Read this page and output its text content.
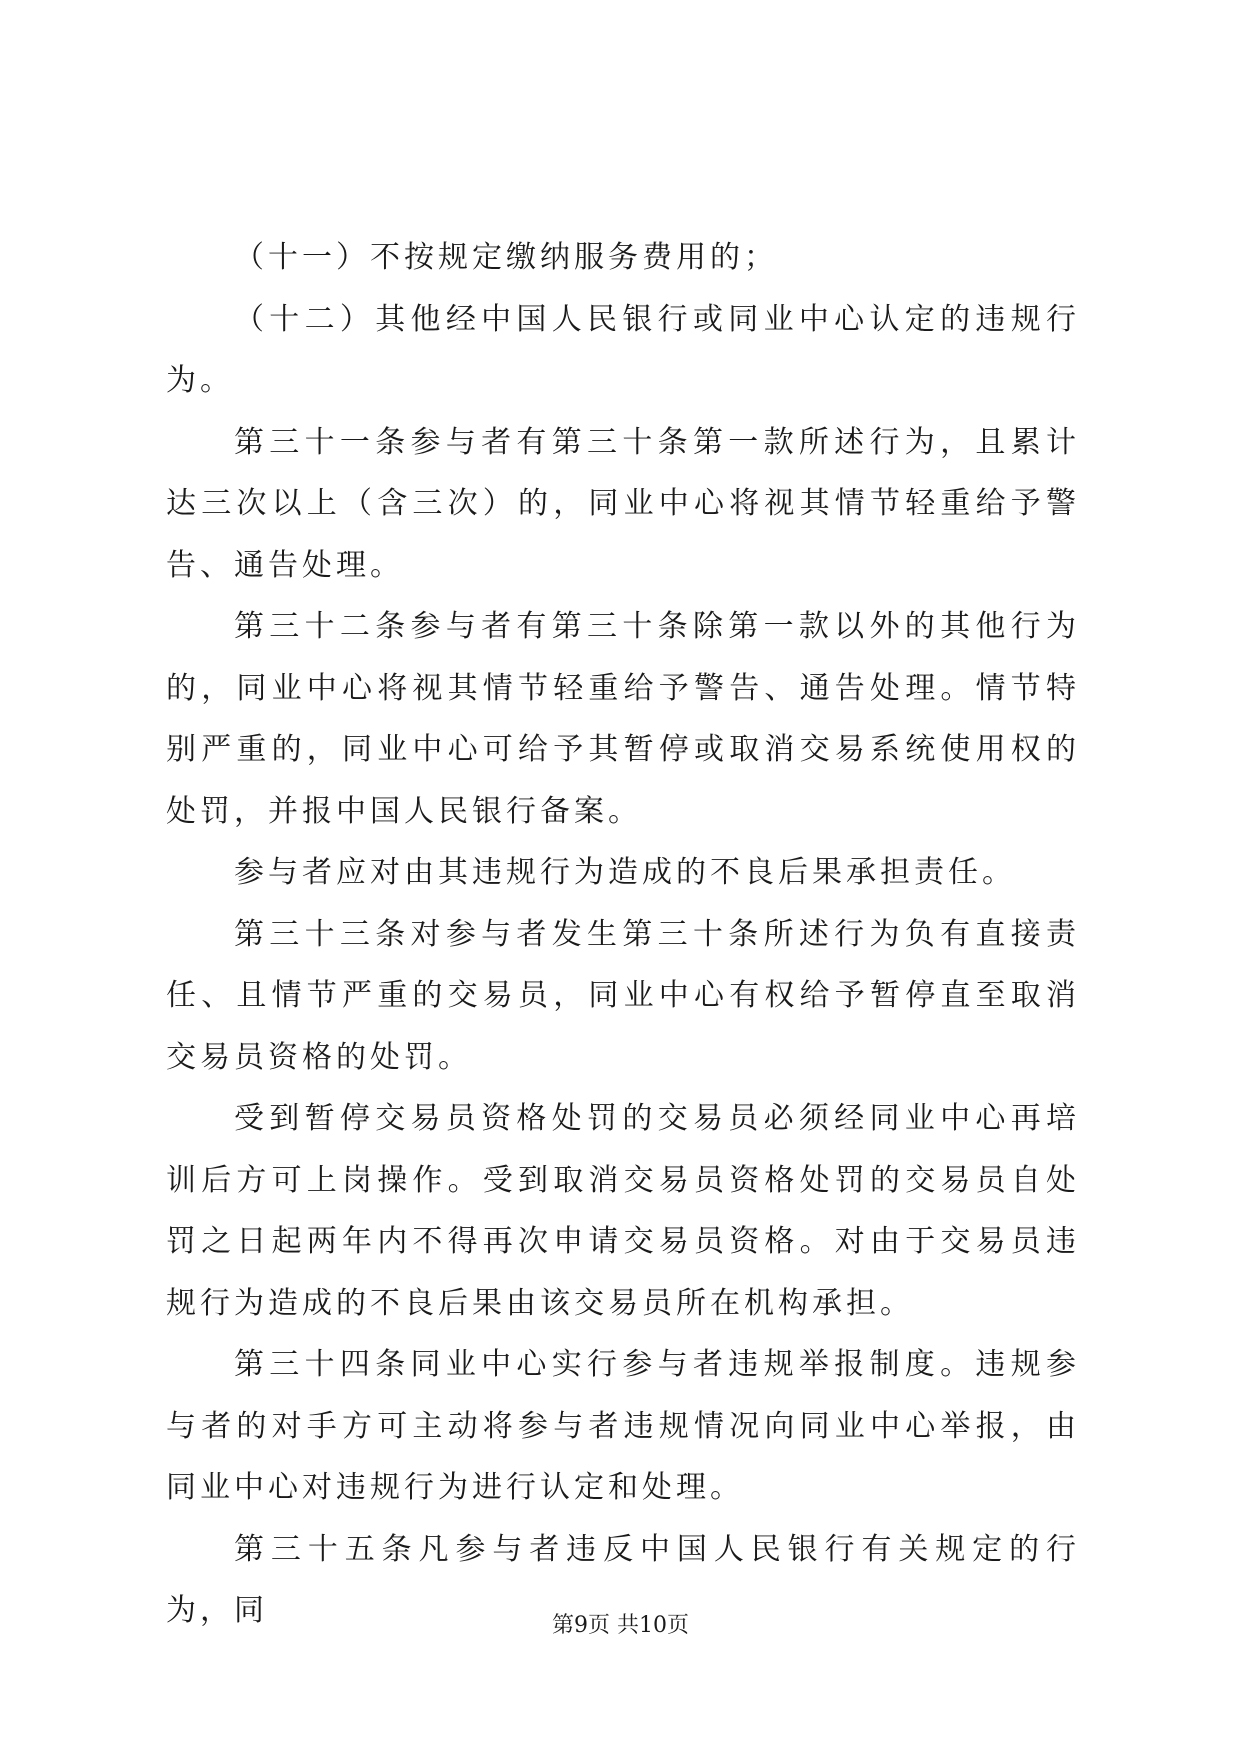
（十一）不按规定缴纳服务费用的；

（十二）其他经中国人民银行或同业中心认定的违规行为。

第三十一条参与者有第三十条第一款所述行为，且累计达三次以上（含三次）的，同业中心将视其情节轻重给予警告、通告处理。

第三十二条参与者有第三十条除第一款以外的其他行为的，同业中心将视其情节轻重给予警告、通告处理。情节特别严重的，同业中心可给予其暂停或取消交易系统使用权的处罚，并报中国人民银行备案。

参与者应对由其违规行为造成的不良后果承担责任。

第三十三条对参与者发生第三十条所述行为负有直接责任、且情节严重的交易员，同业中心有权给予暂停直至取消交易员资格的处罚。

受到暂停交易员资格处罚的交易员必须经同业中心再培训后方可上岗操作。受到取消交易员资格处罚的交易员自处罚之日起两年内不得再次申请交易员资格。对由于交易员违规行为造成的不良后果由该交易员所在机构承担。

第三十四条同业中心实行参与者违规举报制度。违规参与者的对手方可主动将参与者违规情况向同业中心举报，由同业中心对违规行为进行认定和处理。

第三十五条凡参与者违反中国人民银行有关规定的行为，同	第9页 共10页
